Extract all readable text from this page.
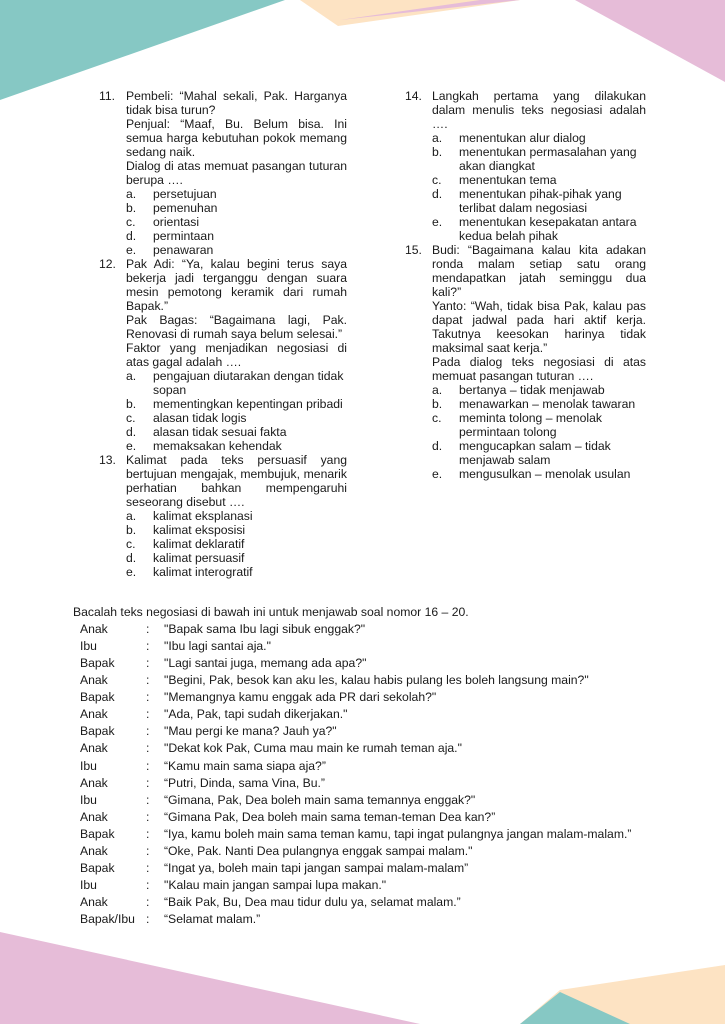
11. Pembeli: “Mahal sekali, Pak. Harganya tidak bisa turun?

Penjual: “Maaf, Bu. Belum bisa. Ini semua harga kebutuhan pokok memang sedang naik.

Dialog di atas memuat pasangan tuturan berupa ….

a. persetujuan
b. pemenuhan
c. orientasi
d. permintaan
e. penawaran
12. Pak Adi: “Ya, kalau begini terus saya bekerja jadi terganggu dengan suara mesin pemotong keramik dari rumah Bapak.”

Pak Bagas: “Bagaimana lagi, Pak. Renovasi di rumah saya belum selesai.”

Faktor yang menjadikan negosiasi di atas gagal adalah ….

a. pengajuan diutarakan dengan tidak sopan
b. mementingkan kepentingan pribadi
c. alasan tidak logis
d. alasan tidak sesuai fakta
e. memaksakan kehendak
13. Kalimat pada teks persuasif yang bertujuan mengajak, membujuk, menarik perhatian bahkan mempengaruhi seseorang disebut ….

a. kalimat eksplanasi
b. kalimat eksposisi
c. kalimat deklaratif
d. kalimat persuasif
e. kalimat interogratif
14. Langkah pertama yang dilakukan dalam menulis teks negosiasi adalah ….

a. menentukan alur dialog
b. menentukan permasalahan yang akan diangkat
c. menentukan tema
d. menentukan pihak-pihak yang terlibat dalam negosiasi
e. menentukan kesepakatan antara kedua belah pihak
15. Budi: “Bagaimana kalau kita adakan ronda malam setiap satu orang mendapatkan jatah seminggu dua kali?”

Yanto: “Wah, tidak bisa Pak, kalau pas dapat jadwal pada hari aktif kerja. Takutnya keesokan harinya tidak maksimal saat kerja.”

Pada dialog teks negosiasi di atas memuat pasangan tuturan ….

a. bertanya – tidak menjawab
b. menawarkan – menolak tawaran
c. meminta tolong – menolak permintaan tolong
d. mengucapkan salam – tidak menjawab salam
e. mengusulkan – menolak usulan
Bacalah teks negosiasi di bawah ini untuk menjawab soal nomor 16 – 20.
Anak	: "Bapak sama Ibu lagi sibuk enggak?"
Ibu	: "Ibu lagi santai aja."
Bapak	: "Lagi santai juga, memang ada apa?"
Anak	: "Begini, Pak, besok kan aku les, kalau habis pulang les boleh langsung main?"
Bapak	: "Memangnya kamu enggak ada PR dari sekolah?"
Anak	: "Ada, Pak, tapi sudah dikerjakan."
Bapak	: "Mau pergi ke mana? Jauh ya?"
Anak	: "Dekat kok Pak, Cuma mau main ke rumah teman aja."
Ibu	: “Kamu main sama siapa aja?”
Anak	: “Putri, Dinda, sama Vina, Bu.”
Ibu	: “Gimana, Pak, Dea boleh main sama temannya enggak?"
Anak	: “Gimana Pak, Dea boleh main sama teman-teman Dea kan?”
Bapak	: “Iya, kamu boleh main sama teman kamu, tapi ingat pulangnya jangan malam-malam.”
Anak	: “Oke, Pak. Nanti Dea pulangnya enggak sampai malam."
Bapak	: “Ingat ya, boleh main tapi jangan sampai malam-malam”
Ibu	: "Kalau main jangan sampai lupa makan."
Anak	: “Baik Pak, Bu, Dea mau tidur dulu ya, selamat malam.”
Bapak/Ibu : “Selamat malam.”
